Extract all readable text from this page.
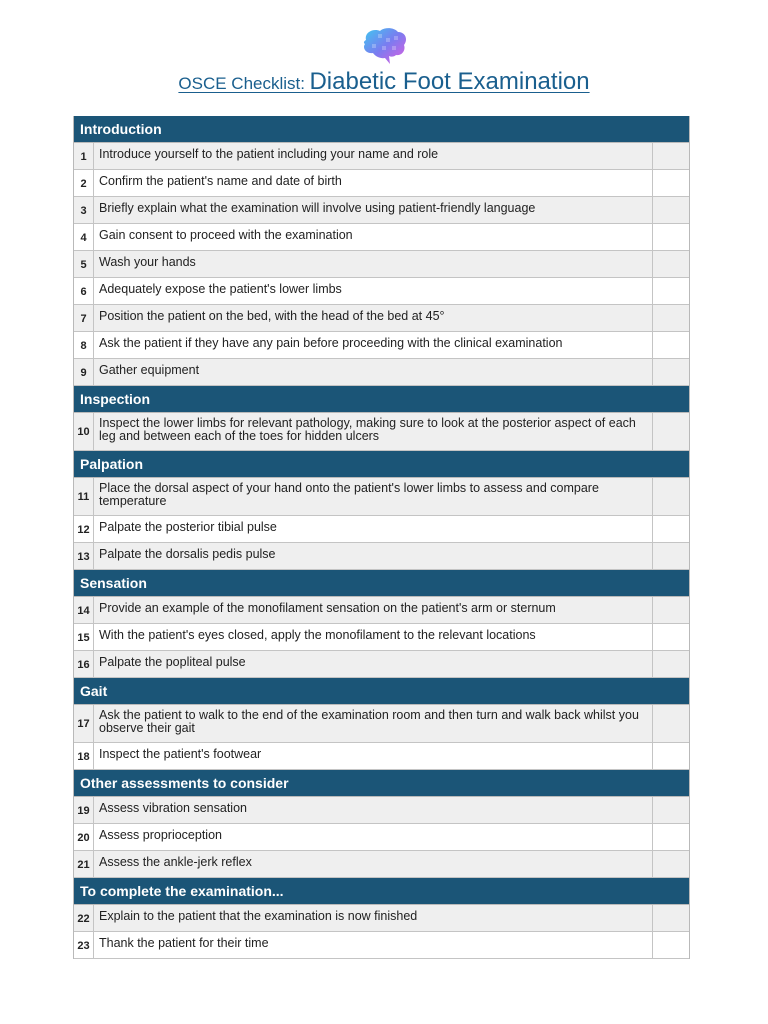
OSCE Checklist: Diabetic Foot Examination
Introduction
1 Introduce yourself to the patient including your name and role
2 Confirm the patient's name and date of birth
3 Briefly explain what the examination will involve using patient-friendly language
4 Gain consent to proceed with the examination
5 Wash your hands
6 Adequately expose the patient's lower limbs
7 Position the patient on the bed, with the head of the bed at 45°
8 Ask the patient if they have any pain before proceeding with the clinical examination
9 Gather equipment
Inspection
10
Inspect the lower limbs for relevant pathology, making sure to look at the posterior aspect of each leg and between each of the toes for hidden ulcers
Palpation
11
Place the dorsal aspect of your hand onto the patient's lower limbs to assess and compare temperature
12 Palpate the posterior tibial pulse
13 Palpate the dorsalis pedis pulse
Sensation
14 Provide an example of the monofilament sensation on the patient's arm or sternum
15 With the patient's eyes closed, apply the monofilament to the relevant locations
16 Palpate the popliteal pulse
Gait
17
Ask the patient to walk to the end of the examination room and then turn and walk back whilst you observe their gait
18 Inspect the patient's footwear
Other assessments to consider
19 Assess vibration sensation
20 Assess proprioception
21 Assess the ankle-jerk reflex
To complete the examination...
22 Explain to the patient that the examination is now finished
23 Thank the patient for their time
